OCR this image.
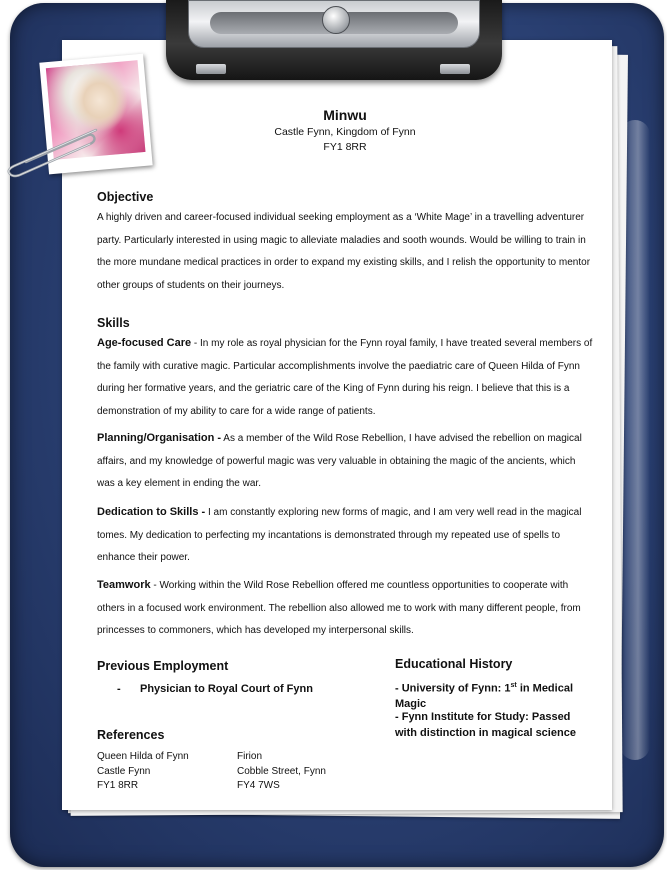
Minwu
Castle Fynn, Kingdom of Fynn
FY1 8RR
Objective
A highly driven and career-focused individual seeking employment as a ‘White Mage’ in a travelling adventurer party. Particularly interested in using magic to alleviate maladies and sooth wounds. Would be willing to train in the more mundane medical practices in order to expand my existing skills, and I relish the opportunity to mentor other groups of students on their journeys.
Skills
Age-focused Care - In my role as royal physician for the Fynn royal family, I have treated several members of the family with curative magic. Particular accomplishments involve the paediatric care of Queen Hilda of Fynn during her formative years, and the geriatric care of the King of Fynn during his reign. I believe that this is a demonstration of my ability to care for a wide range of patients.
Planning/Organisation - As a member of the Wild Rose Rebellion, I have advised the rebellion on magical affairs, and my knowledge of powerful magic was very valuable in obtaining the magic of the ancients, which was a key element in ending the war.
Dedication to Skills - I am constantly exploring new forms of magic, and I am very well read in the magical tomes. My dedication to perfecting my incantations is demonstrated through my repeated use of spells to enhance their power.
Teamwork - Working within the Wild Rose Rebellion offered me countless opportunities to cooperate with others in a focused work environment. The rebellion also allowed me to work with many different people, from princesses to commoners, which has developed my interpersonal skills.
Previous Employment
- Physician to Royal Court of Fynn
Educational History
- University of Fynn: 1st in Medical Magic
- Fynn Institute for Study: Passed with distinction in magical science
References
Queen Hilda of Fynn
Castle Fynn
FY1 8RR
Firion
Cobble Street, Fynn
FY4 7WS
